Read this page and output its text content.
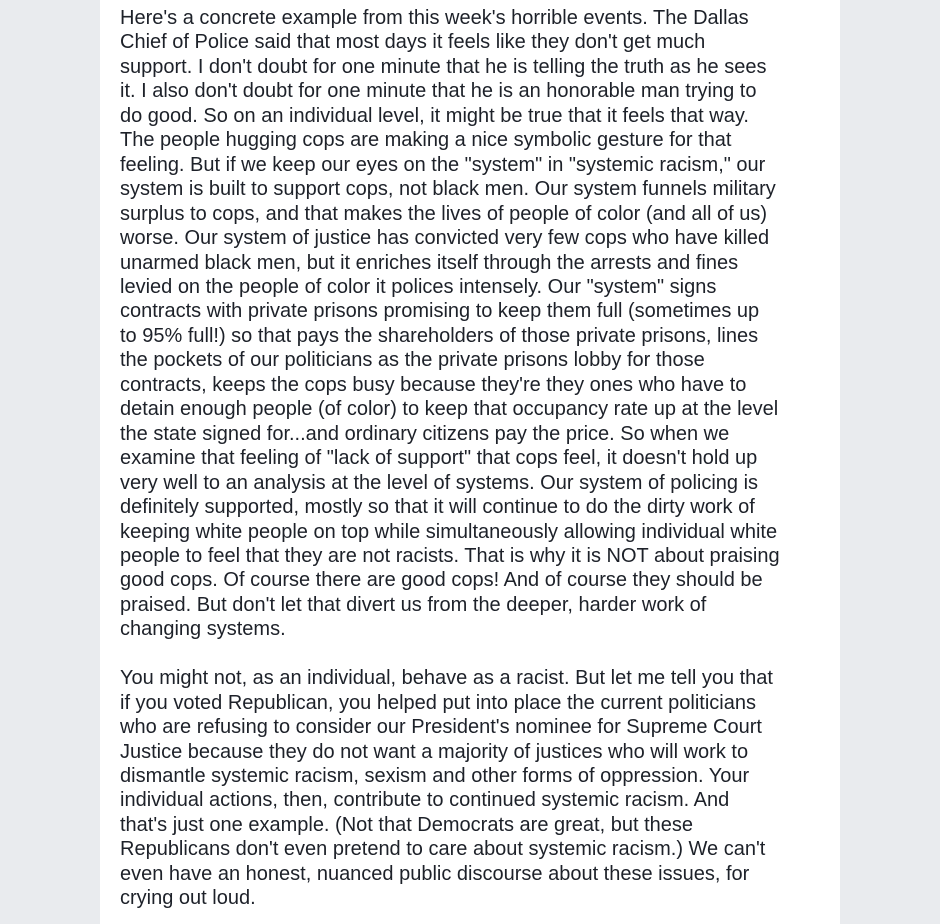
Here's a concrete example from this week's horrible events. The Dallas
Chief of Police said that most days it feels like they don't get much
support. I don't doubt for one minute that he is telling the truth as he sees
it. I also don't doubt for one minute that he is an honorable man trying to
do good. So on an individual level, it might be true that it feels that way.
The people hugging cops are making a nice symbolic gesture for that
feeling. But if we keep our eyes on the "system" in "systemic racism," our
system is built to support cops, not black men. Our system funnels military
surplus to cops, and that makes the lives of people of color (and all of us)
worse. Our system of justice has convicted very few cops who have killed
unarmed black men, but it enriches itself through the arrests and fines
levied on the people of color it polices intensely. Our "system" signs
contracts with private prisons promising to keep them full (sometimes up
to 95% full!) so that pays the shareholders of those private prisons, lines
the pockets of our politicians as the private prisons lobby for those
contracts, keeps the cops busy because they're they ones who have to
detain enough people (of color) to keep that occupancy rate up at the level
the state signed for...and ordinary citizens pay the price. So when we
examine that feeling of "lack of support" that cops feel, it doesn't hold up
very well to an analysis at the level of systems. Our system of policing is
definitely supported, mostly so that it will continue to do the dirty work of
keeping white people on top while simultaneously allowing individual white
people to feel that they are not racists. That is why it is NOT about praising
good cops. Of course there are good cops! And of course they should be
praised. But don't let that divert us from the deeper, harder work of
changing systems.

You might not, as an individual, behave as a racist. But let me tell you that
if you voted Republican, you helped put into place the current politicians
who are refusing to consider our President's nominee for Supreme Court
Justice because they do not want a majority of justices who will work to
dismantle systemic racism, sexism and other forms of oppression. Your
individual actions, then, contribute to continued systemic racism. And
that's just one example. (Not that Democrats are great, but these
Republicans don't even pretend to care about systemic racism.) We can't
even have an honest, nuanced public discourse about these issues, for
crying out loud.
